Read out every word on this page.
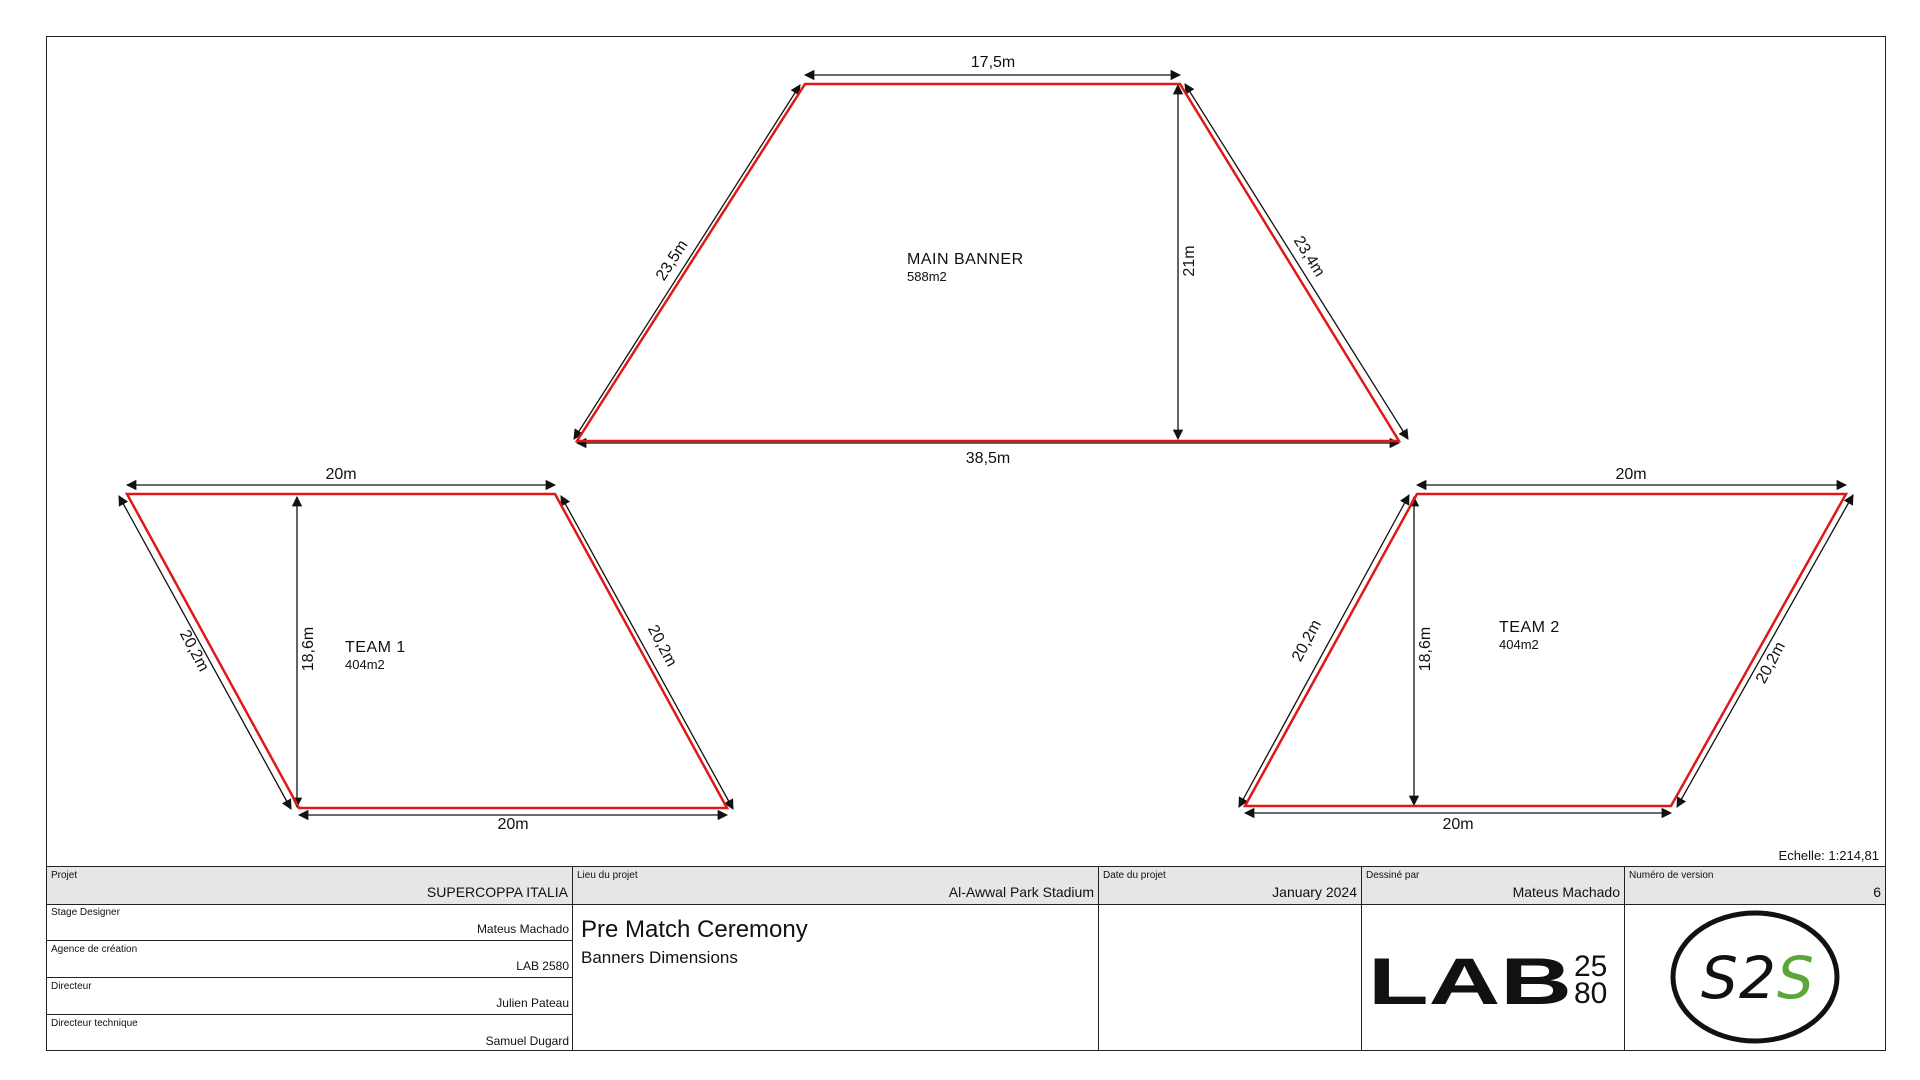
17,5m
38,5m
21m
23,5m	23,4m
MAIN BANNER
588m2
20m
20m
18,6m
20,2m	20,2m
TEAM 1
404m2
20m
20m
18,6m
20,2m	20,2m
TEAM 2
404m2
Echelle: 1:214,81
Projet
SUPERCOPPA ITALIA
Stage Designer
Mateus Machado
Agence de création
LAB 2580
Directeur
Julien Pateau
Directeur technique
Samuel Dugard
Lieu du projet
Al-Awwal Park Stadium
Pre Match Ceremony
Banners Dimensions
Date du projet
January 2024
Dessiné par
Mateus Machado
LAB 25
80
Numéro de version
6
S 2 S
